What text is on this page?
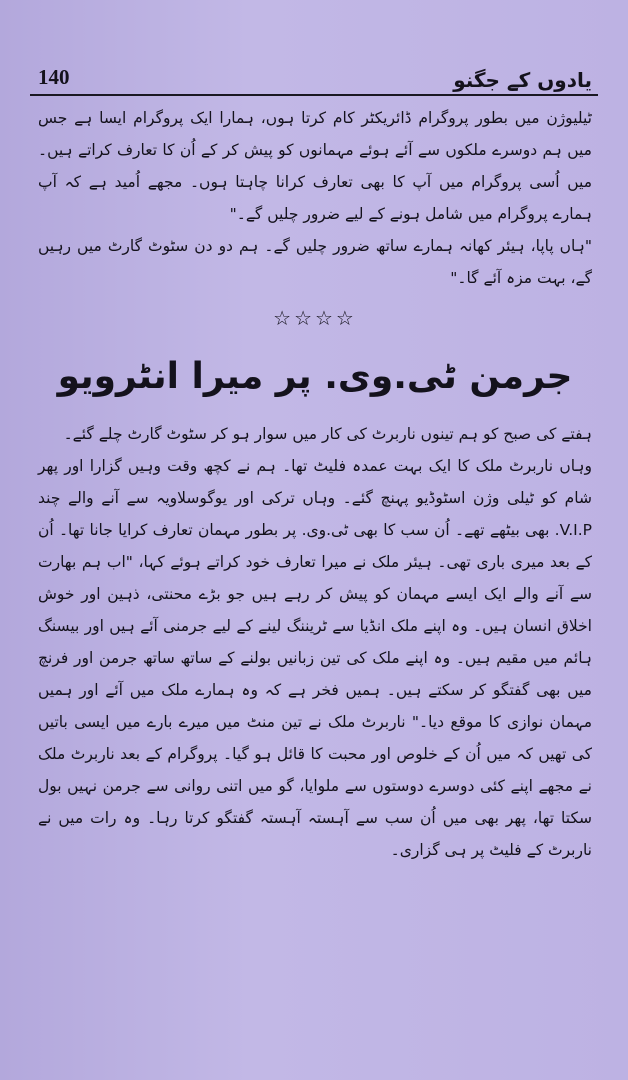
140	یادوں کے جگنو

ٹیلیوژن میں بطور پروگرام ڈائریکٹر کام کرتا ہوں، ہمارا ایک پروگرام ایسا ہے جس میں ہم دوسرے ملکوں سے آئے ہوئے مہمانوں کو پیش کر کے اُن کا تعارف کراتے ہیں۔ میں اُسی پروگرام میں آپ کا بھی تعارف کرانا چاہتا ہوں۔ مجھے اُمید ہے کہ آپ ہمارے پروگرام میں شامل ہونے کے لیے ضرور چلیں گے۔"

"ہاں پاپا، ہیئر کھانہ ہمارے ساتھ ضرور چلیں گے۔ ہم دو دن سٹوٹ گارٹ میں رہیں گے، بہت مزہ آئے گا۔"

☆☆☆☆
جرمن ٹی.وی. پر میرا انٹرویو

ہفتے کی صبح کو ہم تینوں ناربرٹ کی کار میں سوار ہو کر سٹوٹ گارٹ چلے گئے۔

وہاں ناربرٹ ملک کا ایک بہت عمدہ فلیٹ تھا۔ ہم نے کچھ وقت وہیں گزارا اور پھر شام کو ٹیلی وژن اسٹوڈیو پہنچ گئے۔ وہاں ترکی اور یوگوسلاویہ سے آنے والے چند V.I.P. بھی بیٹھے تھے۔ اُن سب کا بھی ٹی.وی. پر بطور مہمان تعارف کرایا جانا تھا۔ اُن کے بعد میری باری تھی۔ ہیئر ملک نے میرا تعارف خود کراتے ہوئے کہا، "اب ہم بھارت سے آنے والے ایک ایسے مہمان کو پیش کر رہے ہیں جو بڑے محنتی، ذہین اور خوش اخلاق انسان ہیں۔ وہ اپنے ملک انڈیا سے ٹریننگ لینے کے لیے جرمنی آئے ہیں اور بیسنگ ہائم میں مقیم ہیں۔ وہ اپنے ملک کی تین زبانیں بولنے کے ساتھ ساتھ جرمن اور فرنچ میں بھی گفتگو کر سکتے ہیں۔ ہمیں فخر ہے کہ وہ ہمارے ملک میں آئے اور ہمیں مہمان نوازی کا موقع دیا۔" ناربرٹ ملک نے تین منٹ میں میرے بارے میں ایسی باتیں کی تھیں کہ میں اُن کے خلوص اور محبت کا قائل ہو گیا۔ پروگرام کے بعد ناربرٹ ملک نے مجھے اپنے کئی دوسرے دوستوں سے ملوایا، گو میں اتنی روانی سے جرمن نہیں بول سکتا تھا، پھر بھی میں اُن سب سے آہستہ آہستہ گفتگو کرتا رہا۔ وہ رات میں نے ناربرٹ کے فلیٹ پر ہی گزاری۔
